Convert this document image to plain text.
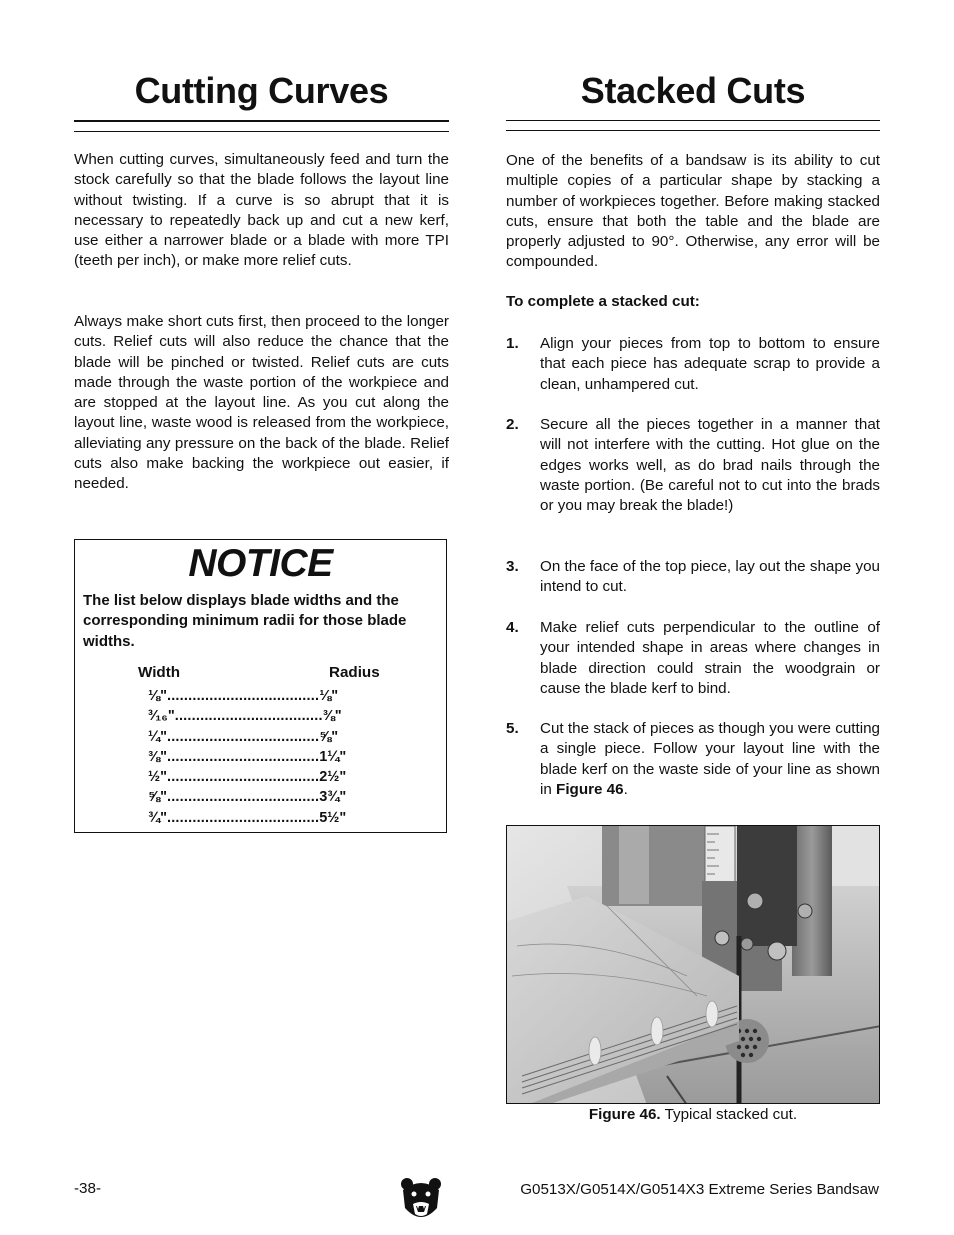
Cutting Curves

When cutting curves, simultaneously feed and turn the stock carefully so that the blade follows the layout line without twisting. If a curve is so abrupt that it is necessary to repeatedly back up and cut a new kerf, use either a narrower blade or a blade with more TPI (teeth per inch), or make more relief cuts.

Always make short cuts first, then proceed to the longer cuts. Relief cuts will also reduce the chance that the blade will be pinched or twisted. Relief cuts are cuts made through the waste portion of the workpiece and are stopped at the layout line. As you cut along the layout line, waste wood is released from the workpiece, alleviating any pressure on the back of the blade. Relief cuts also make backing the workpiece out easier, if needed.

NOTICE

The list below displays blade widths and the corresponding minimum radii for those blade widths.

Width	Radius
⅛"....................................⅛"
³⁄₁₆"...................................⅜"
¼"....................................⅝"
⅜"....................................1¼"
½"....................................2½"
⅝"....................................3¾"
¾"....................................5½"
Stacked Cuts

One of the benefits of a bandsaw is its ability to cut multiple copies of a particular shape by stacking a number of workpieces together. Before making stacked cuts, ensure that both the table and the blade are properly adjusted to 90°. Otherwise, any error will be compounded.

To complete a stacked cut:

1. Align your pieces from top to bottom to ensure that each piece has adequate scrap to provide a clean, unhampered cut.

2. Secure all the pieces together in a manner that will not interfere with the cutting. Hot glue on the edges works well, as do brad nails through the waste portion. (Be careful not to cut into the brads or you may break the blade!)

3. On the face of the top piece, lay out the shape you intend to cut.

4. Make relief cuts perpendicular to the outline of your intended shape in areas where changes in blade direction could strain the woodgrain or cause the blade kerf to bind.

5. Cut the stack of pieces as though you were cutting a single piece. Follow your layout line with the blade kerf on the waste side of your line as shown in Figure 46.

Figure 46. Typical stacked cut.
-38-	G0513X/G0514X/G0514X3 Extreme Series Bandsaw
